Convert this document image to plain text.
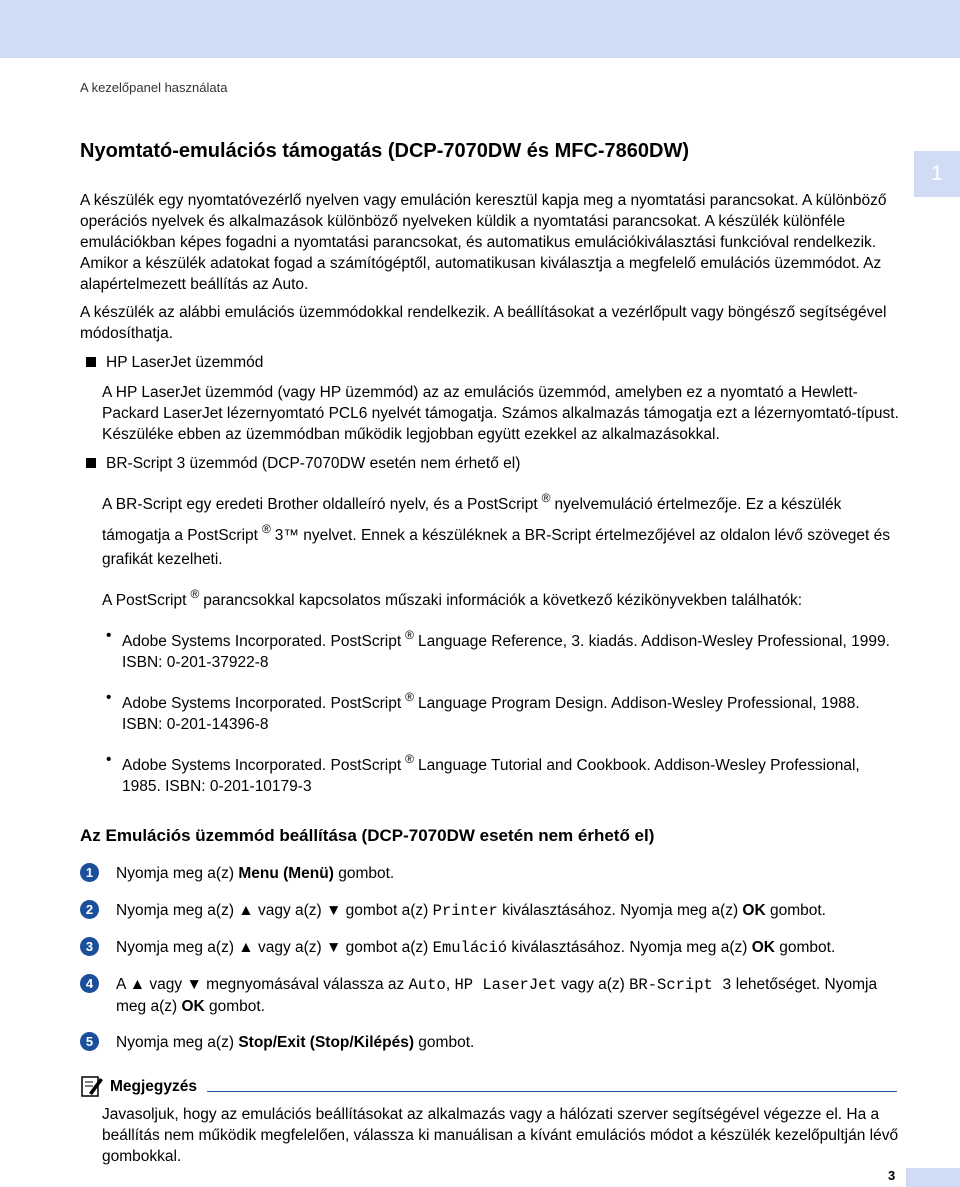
A kezelőpanel használata
1
Nyomtató-emulációs támogatás (DCP-7070DW és MFC-7860DW)

A készülék egy nyomtatóvezérlő nyelven vagy emuláción keresztül kapja meg a nyomtatási parancsokat. A különböző operációs nyelvek és alkalmazások különböző nyelveken küldik a nyomtatási parancsokat. A készülék különféle emulációkban képes fogadni a nyomtatási parancsokat, és automatikus emulációkiválasztási funkcióval rendelkezik. Amikor a készülék adatokat fogad a számítógéptől, automatikusan kiválasztja a megfelelő emulációs üzemmódot. Az alapértelmezett beállítás az Auto.

A készülék az alábbi emulációs üzemmódokkal rendelkezik. A beállításokat a vezérlőpult vagy böngésző segítségével módosíthatja.

HP LaserJet üzemmód

A HP LaserJet üzemmód (vagy HP üzemmód) az az emulációs üzemmód, amelyben ez a nyomtató a Hewlett-Packard LaserJet lézernyomtató PCL6 nyelvét támogatja. Számos alkalmazás támogatja ezt a lézernyomtató-típust. Készüléke ebben az üzemmódban működik legjobban együtt ezekkel az alkalmazásokkal.

BR-Script 3 üzemmód (DCP-7070DW esetén nem érhető el)

A BR-Script egy eredeti Brother oldalleíró nyelv, és a PostScript ® nyelvemuláció értelmezője. Ez a készülék támogatja a PostScript ® 3™ nyelvet. Ennek a készüléknek a BR-Script értelmezőjével az oldalon lévő szöveget és grafikát kezelheti.

A PostScript ® parancsokkal kapcsolatos műszaki információk a következő kézikönyvekben találhatók:

• Adobe Systems Incorporated. PostScript ® Language Reference, 3. kiadás. Addison-Wesley Professional, 1999. ISBN: 0-201-37922-8
• Adobe Systems Incorporated. PostScript ® Language Program Design. Addison-Wesley Professional, 1988. ISBN: 0-201-14396-8
• Adobe Systems Incorporated. PostScript ® Language Tutorial and Cookbook. Addison-Wesley Professional, 1985. ISBN: 0-201-10179-3
Az Emulációs üzemmód beállítása (DCP-7070DW esetén nem érhető el)
1	Nyomja meg a(z) Menu (Menü) gombot.
2	Nyomja meg a(z) ▲ vagy a(z) ▼ gombot a(z) Printer kiválasztásához. Nyomja meg a(z) OK gombot.
3	Nyomja meg a(z) ▲ vagy a(z) ▼ gombot a(z) Emuláció kiválasztásához. Nyomja meg a(z) OK gombot.
4	A ▲ vagy ▼ megnyomásával válassza az Auto, HP LaserJet vagy a(z) BR-Script 3 lehetőséget. Nyomja meg a(z) OK gombot.
5	Nyomja meg a(z) Stop/Exit (Stop/Kilépés) gombot.
Megjegyzés

Javasoljuk, hogy az emulációs beállításokat az alkalmazás vagy a hálózati szerver segítségével végezze el. Ha a beállítás nem működik megfelelően, válassza ki manuálisan a kívánt emulációs módot a készülék kezelőpultján lévő gombokkal.

3
